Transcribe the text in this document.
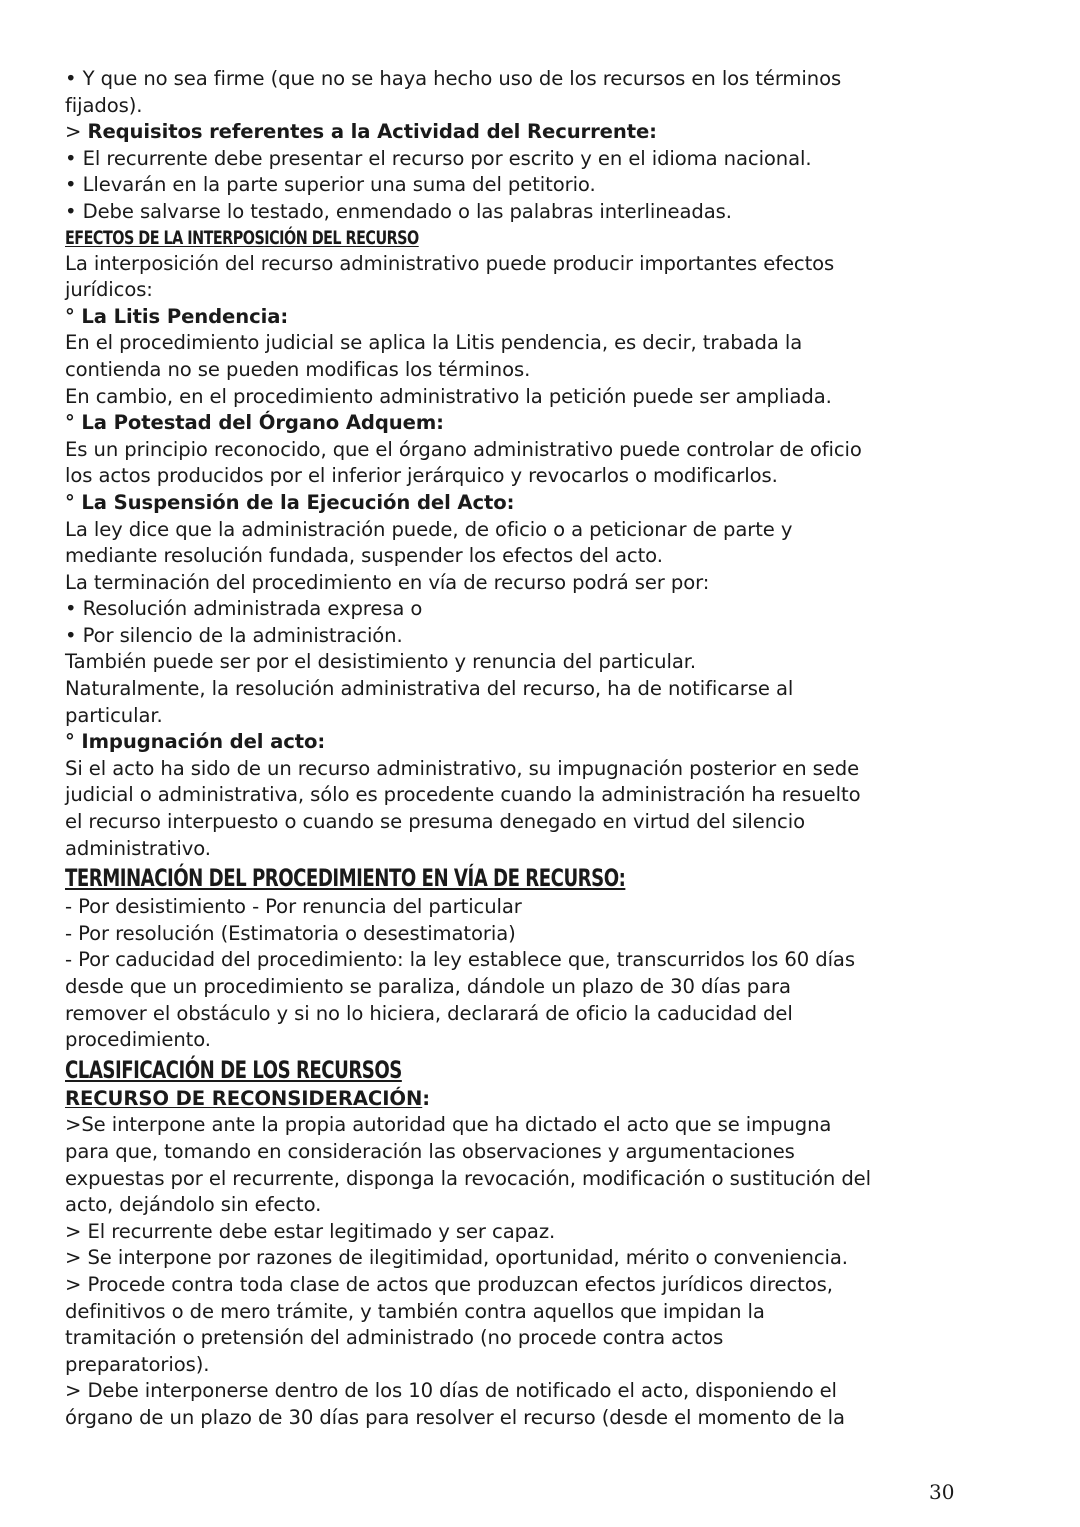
• Y que no sea firme (que no se haya hecho uso de los recursos en los términos

fijados).

> Requisitos referentes a la Actividad del Recurrente:

• El recurrente debe presentar el recurso por escrito y en el idioma nacional.

• Llevarán en la parte superior una suma del petitorio.

• Debe salvarse lo testado, enmendado o las palabras interlineadas.

EFECTOS DE LA INTERPOSICIÓN DEL RECURSO

La interposición del recurso administrativo puede producir importantes efectos

jurídicos:

° La Litis Pendencia:

En el procedimiento judicial se aplica la Litis pendencia, es decir, trabada la

contienda no se pueden modificas los términos.

En cambio, en el procedimiento administrativo la petición puede ser ampliada.

° La Potestad del Órgano Adquem:

Es un principio reconocido, que el órgano administrativo puede controlar de oficio

los actos producidos por el inferior jerárquico y revocarlos o modificarlos.

° La Suspensión de la Ejecución del Acto:

La ley dice que la administración puede, de oficio o a peticionar de parte y

mediante resolución fundada, suspender los efectos del acto.

La terminación del procedimiento en vía de recurso podrá ser por:

• Resolución administrada expresa o

• Por silencio de la administración.

También puede ser por el desistimiento y renuncia del particular.

Naturalmente, la resolución administrativa del recurso, ha de notificarse al

particular.

° Impugnación del acto:

Si el acto ha sido de un recurso administrativo, su impugnación posterior en sede

judicial o administrativa, sólo es procedente cuando la administración ha resuelto

el recurso interpuesto o cuando se presuma denegado en virtud del silencio

administrativo.

TERMINACIÓN DEL PROCEDIMIENTO EN VÍA DE RECURSO:

- Por desistimiento - Por renuncia del particular

- Por resolución (Estimatoria o desestimatoria)

- Por caducidad del procedimiento: la ley establece que, transcurridos los 60 días

desde que un procedimiento se paraliza, dándole un plazo de 30 días para

remover el obstáculo y si no lo hiciera, declarará de oficio la caducidad del

procedimiento.

CLASIFICACIÓN DE LOS RECURSOS

RECURSO DE RECONSIDERACIÓN:

>Se interpone ante la propia autoridad que ha dictado el acto que se impugna

para que, tomando en consideración las observaciones y argumentaciones

expuestas por el recurrente, disponga la revocación, modificación o sustitución del

acto, dejándolo sin efecto.

> El recurrente debe estar legitimado y ser capaz.

> Se interpone por razones de ilegitimidad, oportunidad, mérito o conveniencia.

> Procede contra toda clase de actos que produzcan efectos jurídicos directos,

definitivos o de mero trámite, y también contra aquellos que impidan la

tramitación o pretensión del administrado (no procede contra actos

preparatorios).

> Debe interponerse dentro de los 10 días de notificado el acto, disponiendo el

órgano de un plazo de 30 días para resolver el recurso (desde el momento de la

30
